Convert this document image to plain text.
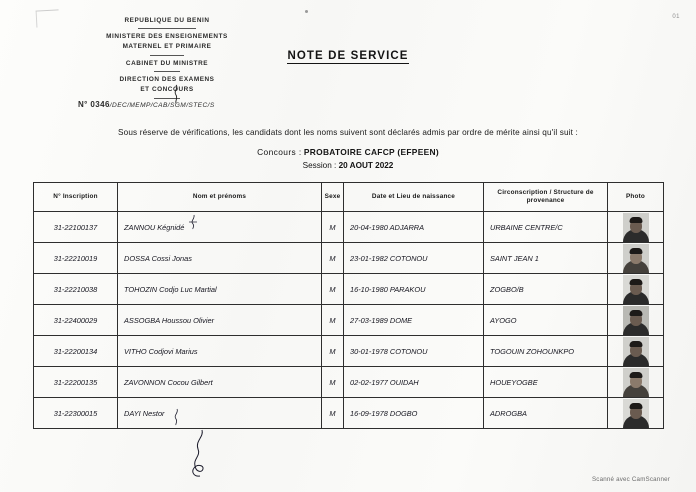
01
REPUBLIQUE DU BENIN
MINISTERE DES ENSEIGNEMENTS
MATERNEL ET PRIMAIRE
CABINET DU MINISTRE
DIRECTION DES EXAMENS
ET CONCOURS
N° 0346/DEC/MEMP/CAB/SGM/STEC/S
NOTE DE SERVICE
Sous réserve de vérifications, les candidats dont les noms suivent sont déclarés admis par ordre de mérite ainsi qu'il suit :
Concours : PROBATOIRE CAFCP (EFPEEN)
Session : 20 AOUT 2022
N° Inscription	Nom et prénoms	Sexe	Date et Lieu de naissance	Circonscription / Structure de provenance	Photo
31-22100137	ZANNOU Kégnidé	M	20-04-1980 ADJARRA	URBAINE CENTRE/C	

31-22210019	DOSSA Cossi Jonas	M	23-01-1982 COTONOU	SAINT JEAN 1	

31-22210038	TOHOZIN Codjo Luc Martial	M	16-10-1980 PARAKOU	ZOGBO/B	

31-22400029	ASSOGBA Houssou Olivier	M	27-03-1989 DOME	AYOGO	

31-22200134	VITHO Codjovi Marius	M	30-01-1978 COTONOU	TOGOUIN ZOHOUNKPO	

31-22200135	ZAVONNON Cocou Gilbert	M	02-02-1977 OUIDAH	HOUEYOGBE	

31-22300015	DAYI Nestor	M	16-09-1978 DOGBO	ADROGBA	
Scanné avec CamScanner
